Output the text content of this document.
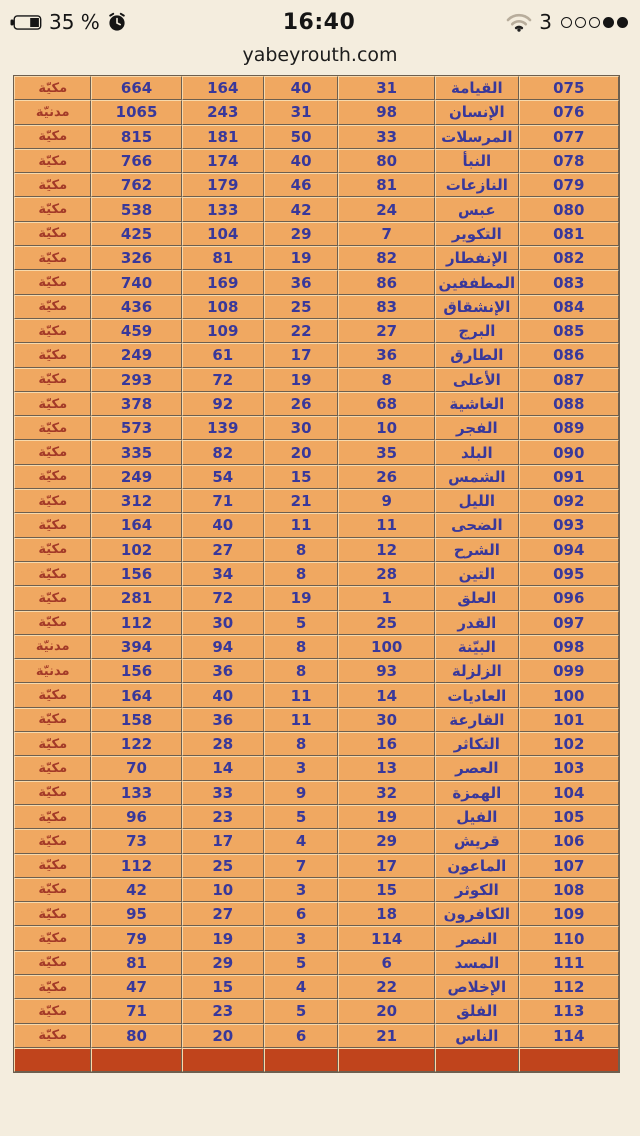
35 %	16:40	3
yabeyrouth.com
075	القيامة	31	40	164	664	مكيّة
076	الإنسان	98	31	243	1065	مدنيّة
077	المرسلات	33	50	181	815	مكيّة
078	النبأ	80	40	174	766	مكيّة
079	النازعات	81	46	179	762	مكيّة
080	عبس	24	42	133	538	مكيّة
081	التكوير	7	29	104	425	مكيّة
082	الإنفطار	82	19	81	326	مكيّة
083	المطففين	86	36	169	740	مكيّة
084	الإنشقاق	83	25	108	436	مكيّة
085	البرج	27	22	109	459	مكيّة
086	الطارق	36	17	61	249	مكيّة
087	الأعلى	8	19	72	293	مكيّة
088	الغاشية	68	26	92	378	مكيّة
089	الفجر	10	30	139	573	مكيّة
090	البلد	35	20	82	335	مكيّة
091	الشمس	26	15	54	249	مكيّة
092	الليل	9	21	71	312	مكيّة
093	الضحى	11	11	40	164	مكيّة
094	الشرح	12	8	27	102	مكيّة
095	التين	28	8	34	156	مكيّة
096	العلق	1	19	72	281	مكيّة
097	القدر	25	5	30	112	مكيّة
098	البيّنة	100	8	94	394	مدنيّة
099	الزلزلة	93	8	36	156	مدنيّة
100	العاديات	14	11	40	164	مكيّة
101	القارعة	30	11	36	158	مكيّة
102	التكاثر	16	8	28	122	مكيّة
103	العصر	13	3	14	70	مكيّة
104	الهمزة	32	9	33	133	مكيّة
105	الفيل	19	5	23	96	مكيّة
106	قريش	29	4	17	73	مكيّة
107	الماعون	17	7	25	112	مكيّة
108	الكوثر	15	3	10	42	مكيّة
109	الكافرون	18	6	27	95	مكيّة
110	النصر	114	3	19	79	مكيّة
111	المسد	6	5	29	81	مكيّة
112	الإخلاص	22	4	15	47	مكيّة
113	الفلق	20	5	23	71	مكيّة
114	الناس	21	6	20	80	مكيّة
